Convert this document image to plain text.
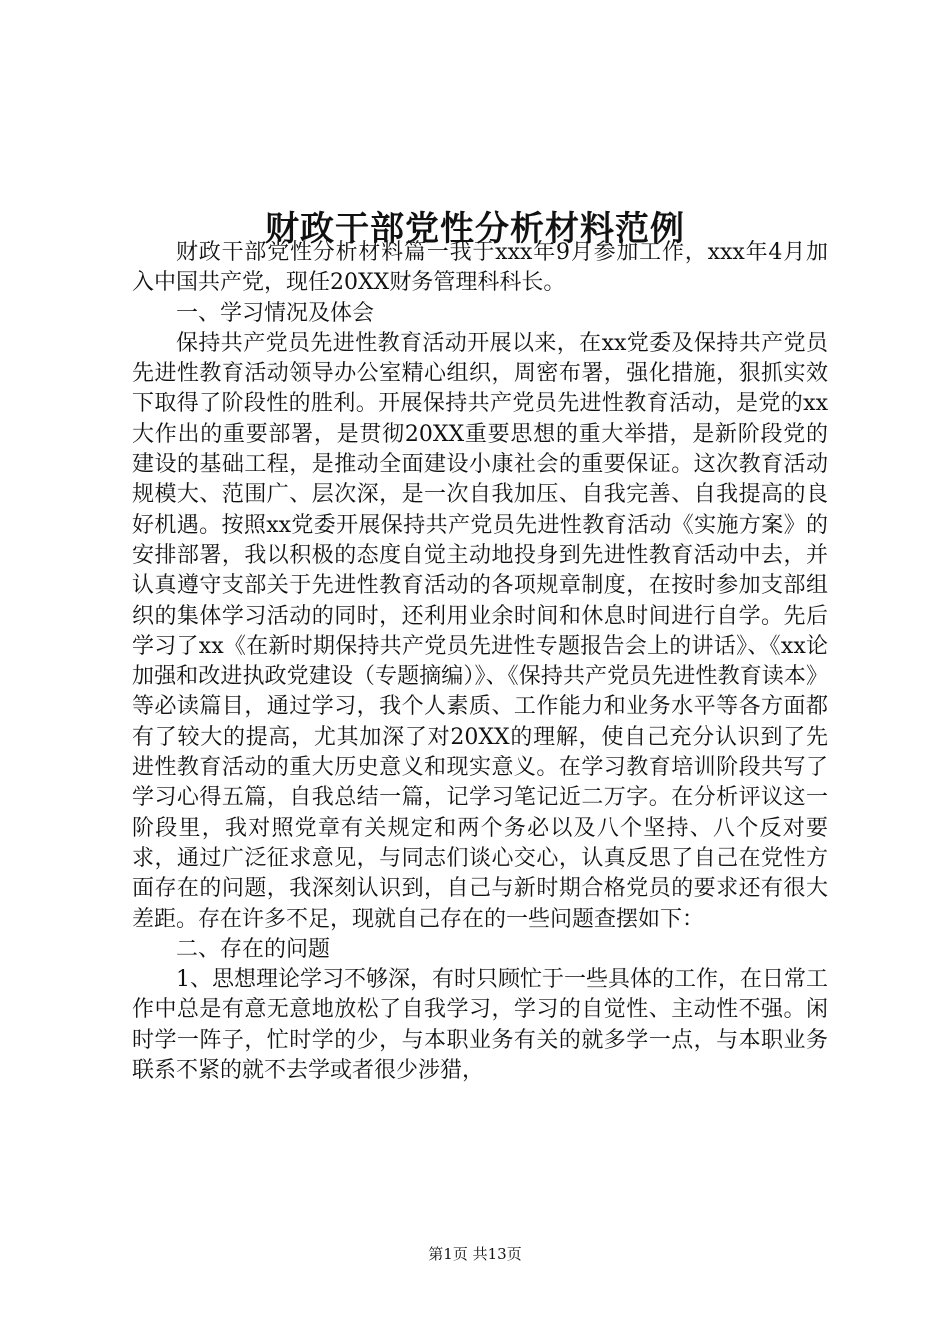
财政干部党性分析材料范例

财政干部党性分析材料篇一我于xxx年9月参加工作，xxx年4月加入中国共产党，现任20XX财务管理科科长。

一、学习情况及体会

保持共产党员先进性教育活动开展以来，在xx党委及保持共产党员先进性教育活动领导办公室精心组织，周密布署，强化措施，狠抓实效下取得了阶段性的胜利。开展保持共产党员先进性教育活动，是党的xx大作出的重要部署，是贯彻20XX重要思想的重大举措，是新阶段党的建设的基础工程，是推动全面建设小康社会的重要保证。这次教育活动规模大、范围广、层次深，是一次自我加压、自我完善、自我提高的良好机遇。按照xx党委开展保持共产党员先进性教育活动《实施方案》的安排部署，我以积极的态度自觉主动地投身到先进性教育活动中去，并认真遵守支部关于先进性教育活动的各项规章制度，在按时参加支部组织的集体学习活动的同时，还利用业余时间和休息时间进行自学。先后学习了xx《在新时期保持共产党员先进性专题报告会上的讲话》、《xx论加强和改进执政党建设（专题摘编）》、《保持共产党员先进性教育读本》等必读篇目，通过学习，我个人素质、工作能力和业务水平等各方面都有了较大的提高，尤其加深了对20XX的理解，使自己充分认识到了先进性教育活动的重大历史意义和现实意义。在学习教育培训阶段共写了学习心得五篇，自我总结一篇，记学习笔记近二万字。在分析评议这一阶段里，我对照党章有关规定和两个务必以及八个坚持、八个反对要求，通过广泛征求意见，与同志们谈心交心，认真反思了自己在党性方面存在的问题，我深刻认识到，自己与新时期合格党员的要求还有很大差距。存在许多不足，现就自己存在的一些问题查摆如下：

二、存在的问题

1、思想理论学习不够深，有时只顾忙于一些具体的工作，在日常工作中总是有意无意地放松了自我学习，学习的自觉性、主动性不强。闲时学一阵子，忙时学的少，与本职业务有关的就多学一点，与本职业务联系不紧的就不去学或者很少涉猎，

第1页 共13页
